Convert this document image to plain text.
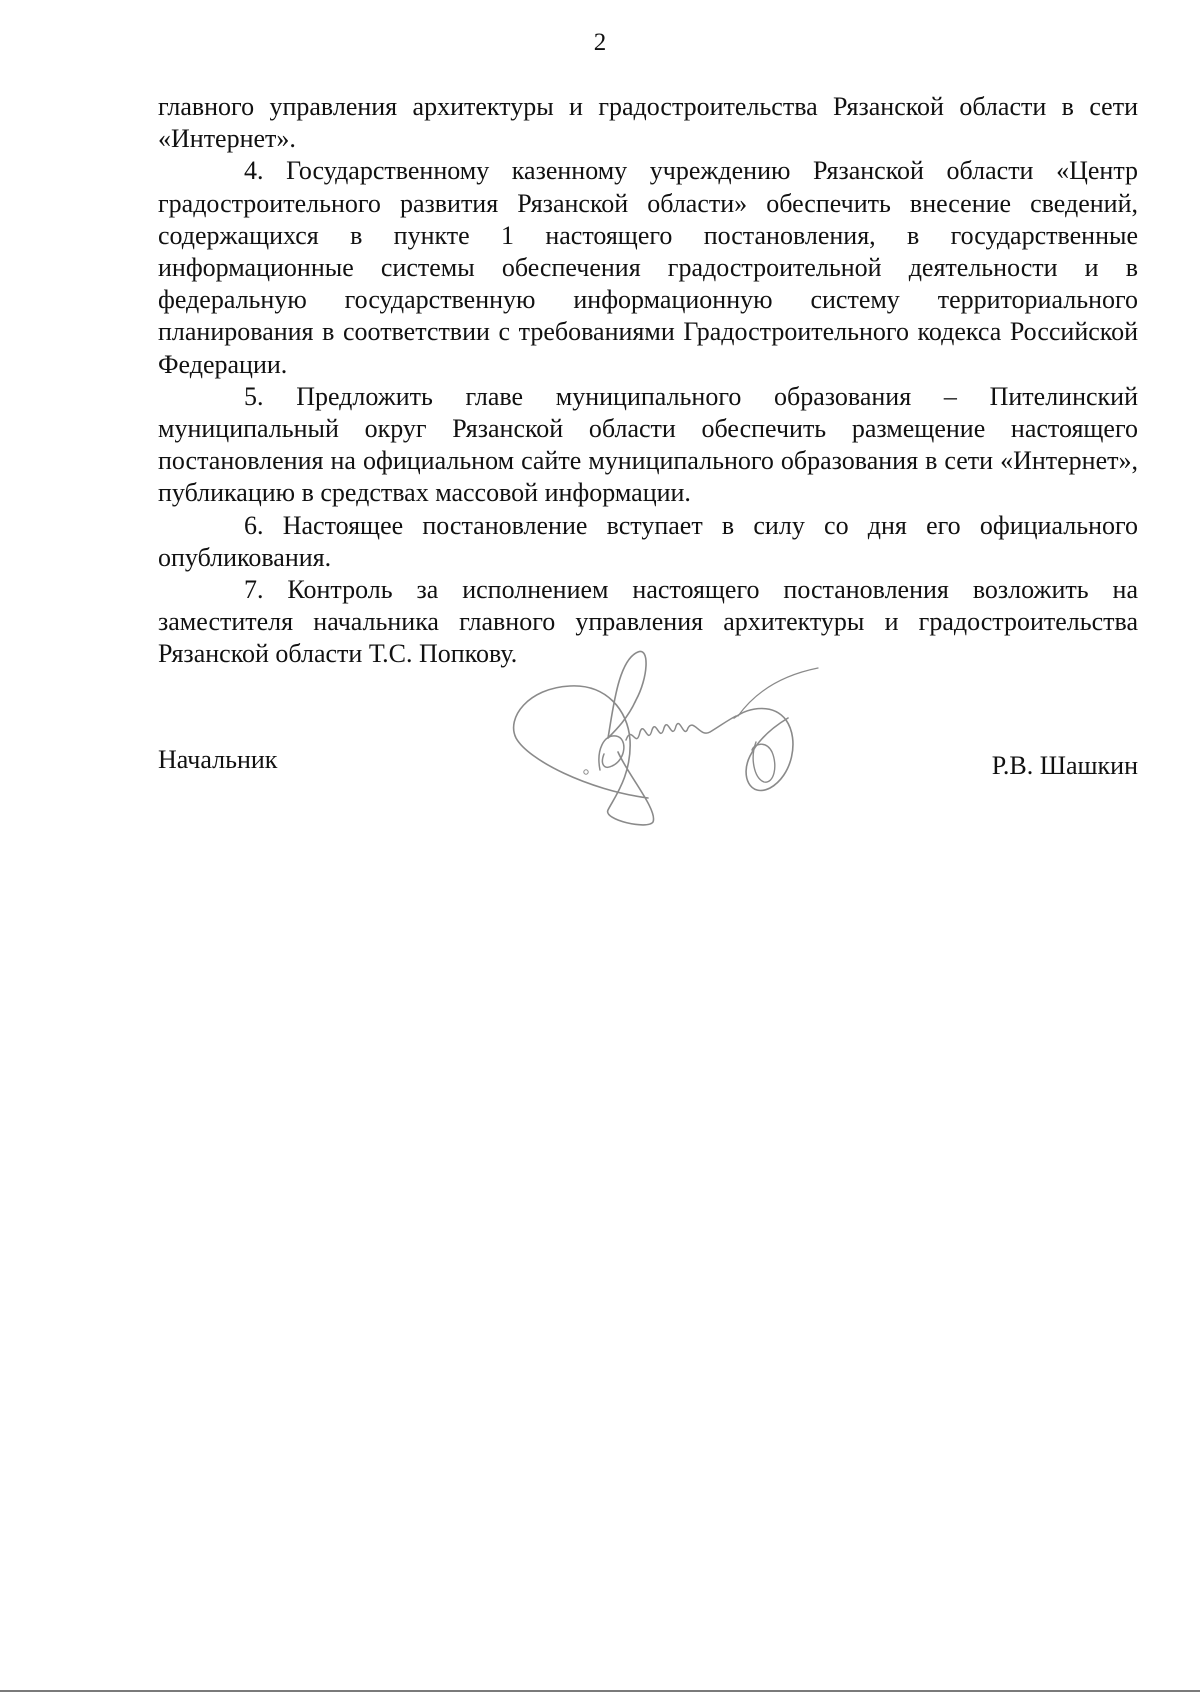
2

главного управления архитектуры и градостроительства Рязанской области в сети «Интернет».

4. Государственному казенному учреждению Рязанской области «Центр градостроительного развития Рязанской области» обеспечить внесение сведений, содержащихся в пункте 1 настоящего постановления, в государственные информационные системы обеспечения градостроительной деятельности и в федеральную государственную информационную систему территориального планирования в соответствии с требованиями Градостроительного кодекса Российской Федерации.

5. Предложить главе муниципального образования – Пителинский муниципальный округ Рязанской области обеспечить размещение настоящего постановления на официальном сайте муниципального образования в сети «Интернет», публикацию в средствах массовой информации.

6. Настоящее постановление вступает в силу со дня его официального опубликования.

7. Контроль за исполнением настоящего постановления возложить на заместителя начальника главного управления архитектуры и градостроительства Рязанской области Т.С. Попкову.

Начальник	Р.В. Шашкин
